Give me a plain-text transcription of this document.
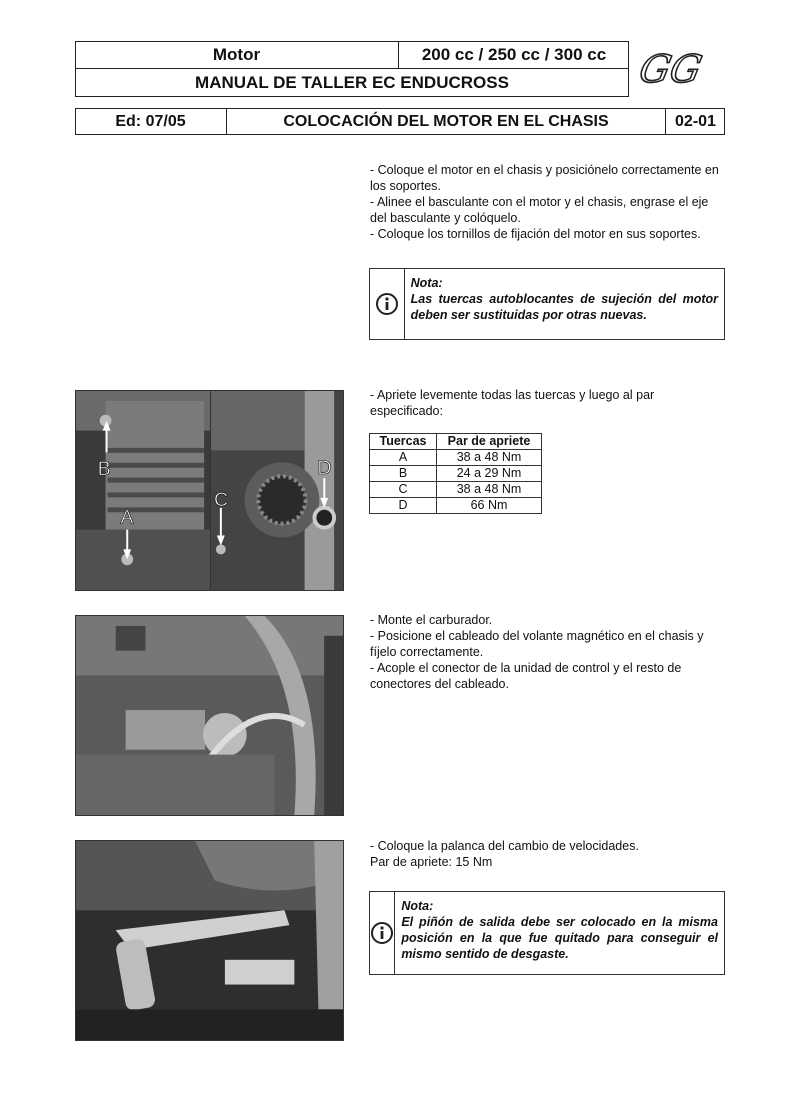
Motor	200 cc / 250 cc / 300 cc
MANUAL DE TALLER EC ENDUCROSS	GG
Ed: 07/05	COLOCACIÓN DEL MOTOR EN EL CHASIS	02-01

- Coloque el motor en el chasis y posiciónelo correctamente en los soportes.

- Alinee el basculante con el motor y el chasis, engrase el eje del basculante y colóquelo.

- Coloque los tornillos de fijación del motor en sus soportes.

Nota:
Las tuercas autoblocantes de sujeción del motor deben ser sustituidas por otras nuevas.
B
A
D
C

- Apriete levemente todas las tuercas y luego al par especificado:

Tuercas	Par de apriete
A	38 a 48 Nm
B	24 a 29 Nm
C	38 a 48 Nm
D	66 Nm

- Monte el carburador.

- Posicione el cableado del volante magnético en el chasis y fíjelo correctamente.

- Acople el conector de la unidad de control y el resto de conectores del cableado.

- Coloque la palanca del cambio de velocidades.

Par de apriete: 15 Nm

Nota:
El piñón de salida debe ser colocado en la misma posición en la que fue quitado para conseguir el mismo sentido de desgaste.
